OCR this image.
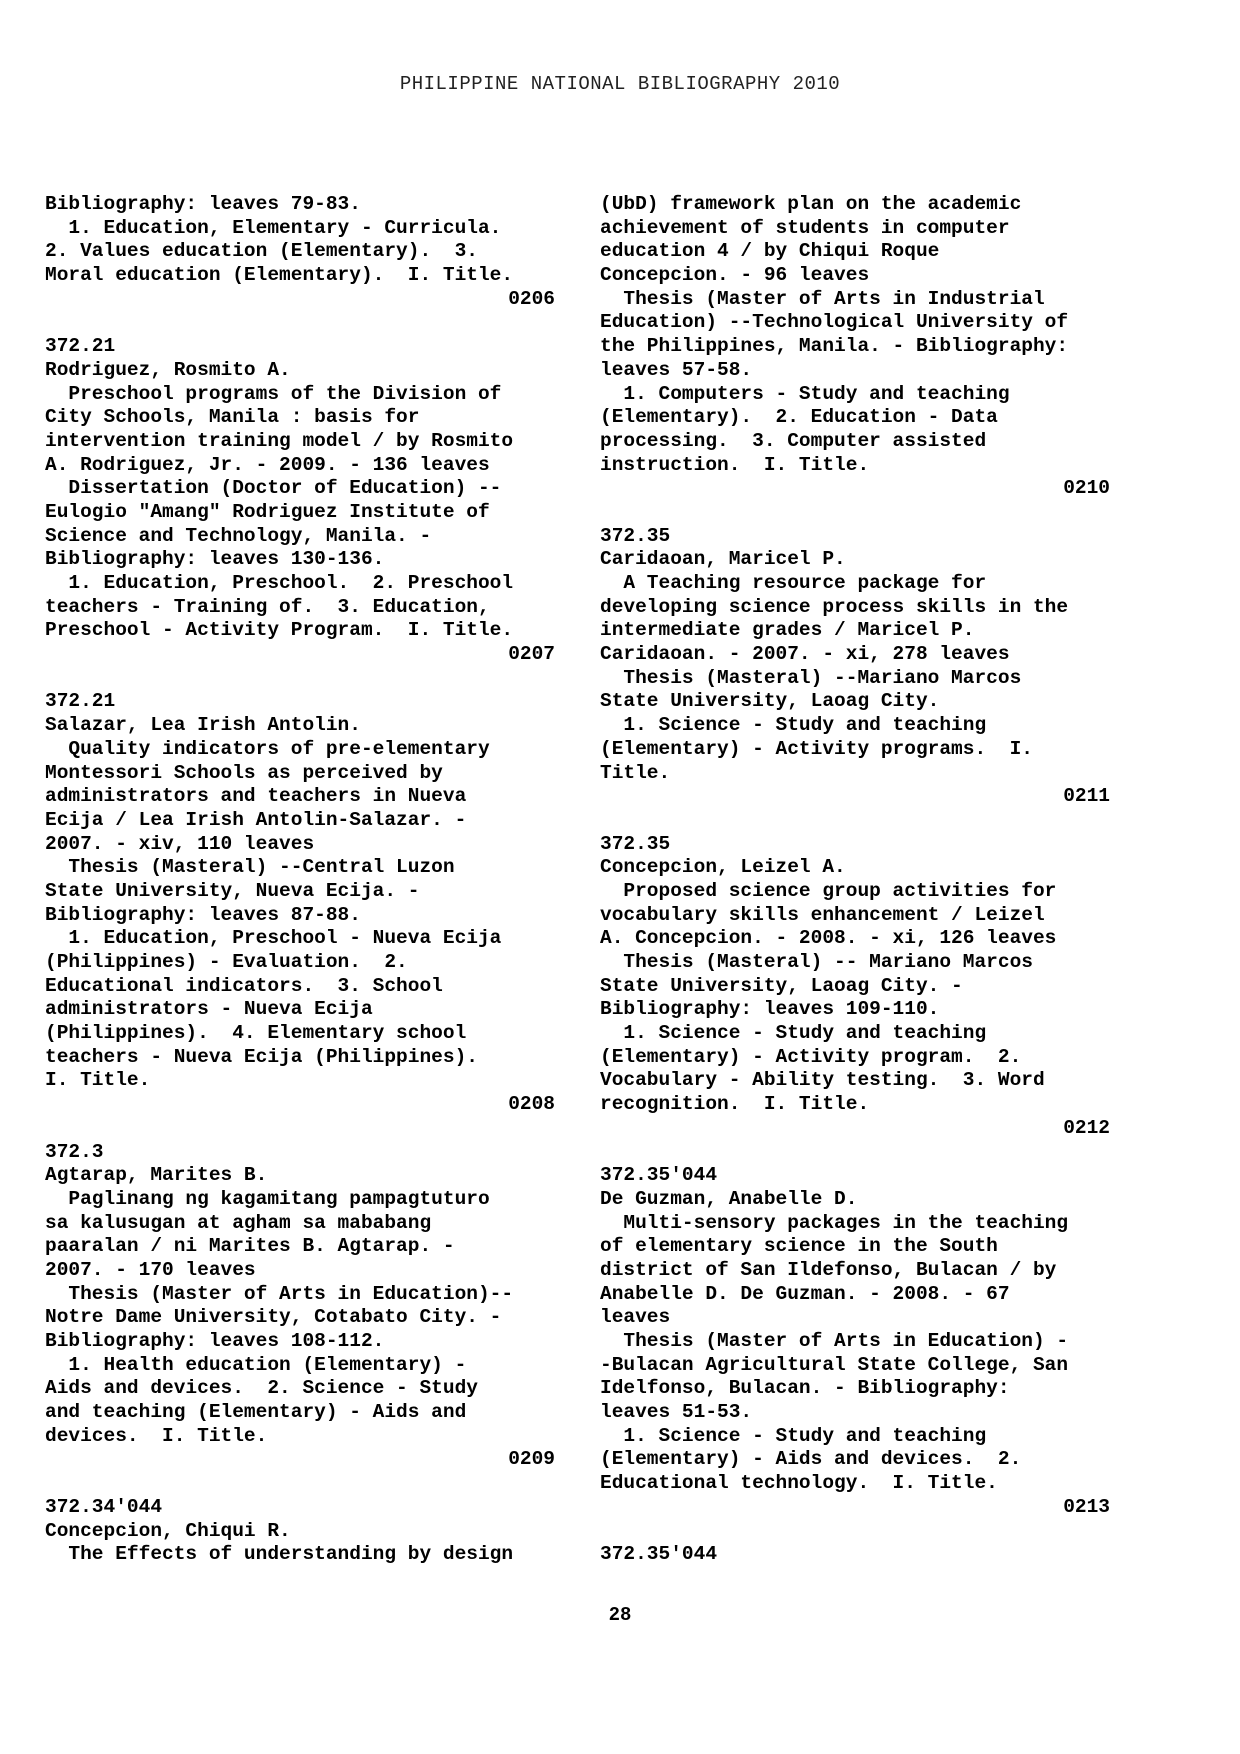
PHILIPPINE NATIONAL BIBLIOGRAPHY 2010
Bibliography: leaves 79-83.
1. Education, Elementary - Curricula.
2. Values education (Elementary).  3.
Moral education (Elementary).  I. Title.
0206
372.21
Rodriguez, Rosmito A.
Preschool programs of the Division of
City Schools, Manila : basis for
intervention training model / by Rosmito
A. Rodriguez, Jr. - 2009. - 136 leaves
Dissertation (Doctor of Education) --
Eulogio "Amang" Rodriguez Institute of
Science and Technology, Manila. -
Bibliography: leaves 130-136.
1. Education, Preschool.  2. Preschool
teachers - Training of.  3. Education,
Preschool - Activity Program.  I. Title.
0207
372.21
Salazar, Lea Irish Antolin.
Quality indicators of pre-elementary
Montessori Schools as perceived by
administrators and teachers in Nueva
Ecija / Lea Irish Antolin-Salazar. -
2007. - xiv, 110 leaves
Thesis (Masteral) --Central Luzon
State University, Nueva Ecija. -
Bibliography: leaves 87-88.
1. Education, Preschool - Nueva Ecija
(Philippines) - Evaluation.  2.
Educational indicators.  3. School
administrators - Nueva Ecija
(Philippines).  4. Elementary school
teachers - Nueva Ecija (Philippines).
I. Title.
0208
372.3
Agtarap, Marites B.
Paglinang ng kagamitang pampagtuturo
sa kalusugan at agham sa mababang
paaralan / ni Marites B. Agtarap. -
2007. - 170 leaves
Thesis (Master of Arts in Education)--
Notre Dame University, Cotabato City. -
Bibliography: leaves 108-112.
1. Health education (Elementary) -
Aids and devices.  2. Science - Study
and teaching (Elementary) - Aids and
devices.  I. Title.
0209
372.34'044
Concepcion, Chiqui R.
The Effects of understanding by design
(UbD) framework plan on the academic
achievement of students in computer
education 4 / by Chiqui Roque
Concepcion. - 96 leaves
Thesis (Master of Arts in Industrial
Education) --Technological University of
the Philippines, Manila. - Bibliography:
leaves 57-58.
1. Computers - Study and teaching
(Elementary).  2. Education - Data
processing.  3. Computer assisted
instruction.  I. Title.
0210
372.35
Caridaoan, Maricel P.
A Teaching resource package for
developing science process skills in the
intermediate grades / Maricel P.
Caridaoan. - 2007. - xi, 278 leaves
Thesis (Masteral) --Mariano Marcos
State University, Laoag City.
1. Science - Study and teaching
(Elementary) - Activity programs.  I.
Title.
0211
372.35
Concepcion, Leizel A.
Proposed science group activities for
vocabulary skills enhancement / Leizel
A. Concepcion. - 2008. - xi, 126 leaves
Thesis (Masteral) -- Mariano Marcos
State University, Laoag City. -
Bibliography: leaves 109-110.
1. Science - Study and teaching
(Elementary) - Activity program.  2.
Vocabulary - Ability testing.  3. Word
recognition.  I. Title.
0212
372.35'044
De Guzman, Anabelle D.
Multi-sensory packages in the teaching
of elementary science in the South
district of San Ildefonso, Bulacan / by
Anabelle D. De Guzman. - 2008. - 67
leaves
Thesis (Master of Arts in Education) -
-Bulacan Agricultural State College, San
Idelfonso, Bulacan. - Bibliography:
leaves 51-53.
1. Science - Study and teaching
(Elementary) - Aids and devices.  2.
Educational technology.  I. Title.
0213
372.35'044
28
